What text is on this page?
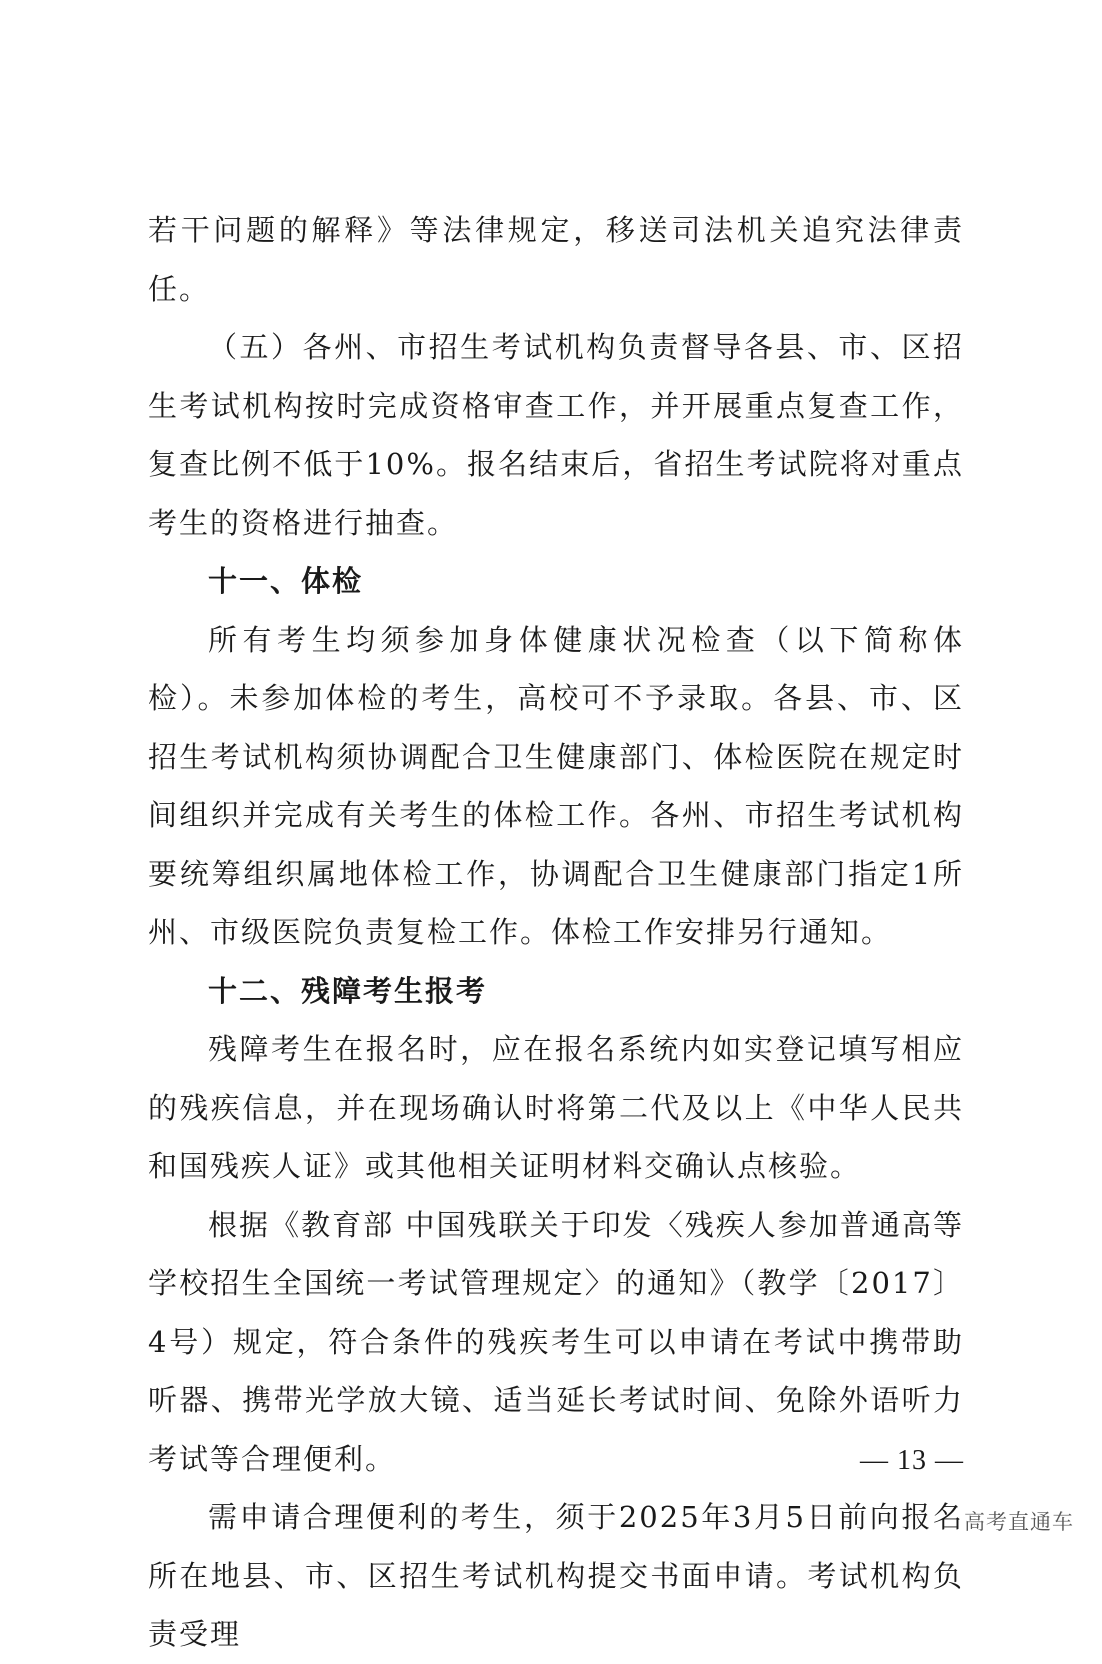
若干问题的解释》等法律规定，移送司法机关追究法律责任。

（五）各州、市招生考试机构负责督导各县、市、区招生考试机构按时完成资格审查工作，并开展重点复查工作，复查比例不低于10%。报名结束后，省招生考试院将对重点考生的资格进行抽查。

十一、体检

所有考生均须参加身体健康状况检查（以下简称体检）。未参加体检的考生，高校可不予录取。各县、市、区招生考试机构须协调配合卫生健康部门、体检医院在规定时间组织并完成有关考生的体检工作。各州、市招生考试机构要统筹组织属地体检工作，协调配合卫生健康部门指定1所州、市级医院负责复检工作。体检工作安排另行通知。

十二、残障考生报考

残障考生在报名时，应在报名系统内如实登记填写相应的残疾信息，并在现场确认时将第二代及以上《中华人民共和国残疾人证》或其他相关证明材料交确认点核验。

根据《教育部 中国残联关于印发〈残疾人参加普通高等学校招生全国统一考试管理规定〉的通知》（教学〔2017〕4号）规定，符合条件的残疾考生可以申请在考试中携带助听器、携带光学放大镜、适当延长考试时间、免除外语听力考试等合理便利。

需申请合理便利的考生，须于2025年3月5日前向报名所在地县、市、区招生考试机构提交书面申请。考试机构负责受理

— 13 —
高考直通车
